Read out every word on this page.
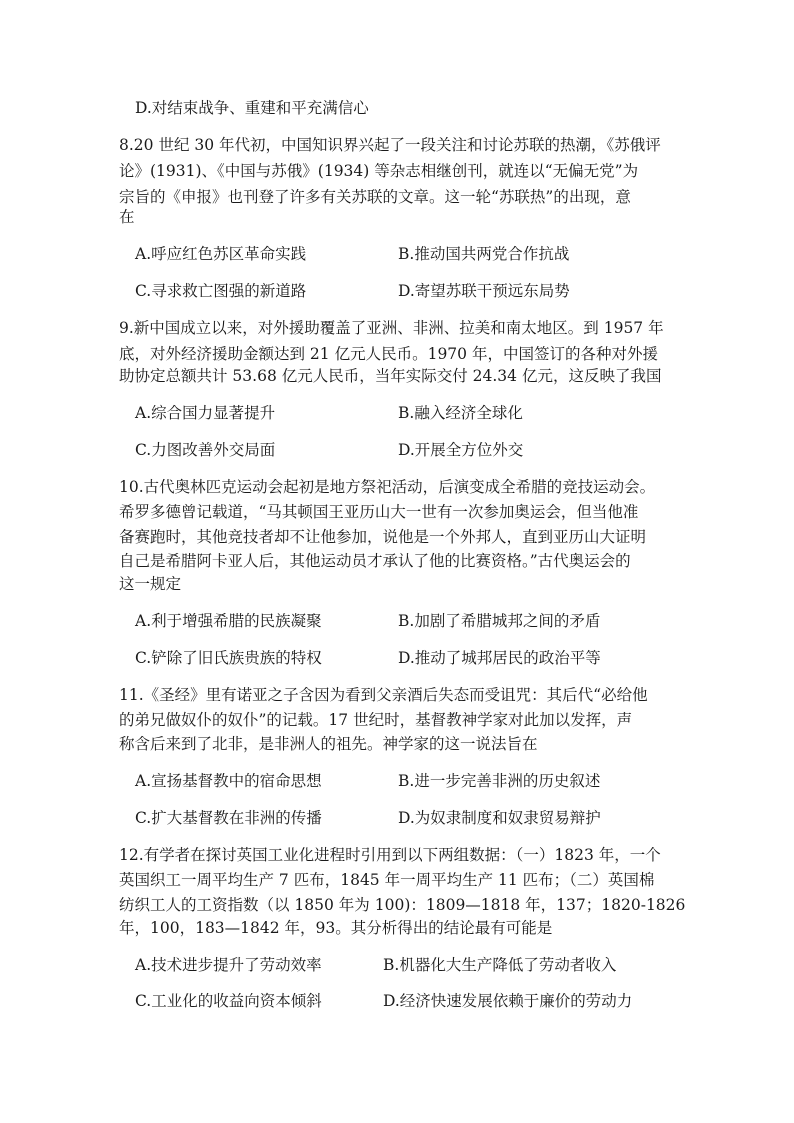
D.对结束战争、重建和平充满信心
8.20 世纪 30 年代初，中国知识界兴起了一段关注和讨论苏联的热潮，《苏俄评
论》(1931)、《中国与苏俄》(1934) 等杂志相继创刊，就连以“无偏无党”为
宗旨的《申报》也刊登了许多有关苏联的文章。这一轮“苏联热”的出现，意
在
A.呼应红色苏区革命实践	B.推动国共两党合作抗战
C.寻求救亡图强的新道路	D.寄望苏联干预远东局势
9.新中国成立以来，对外援助覆盖了亚洲、非洲、拉美和南太地区。到 1957 年
底，对外经济援助金额达到 21 亿元人民币。1970 年，中国签订的各种对外援
助协定总额共计 53.68 亿元人民币，当年实际交付 24.34 亿元，这反映了我国
A.综合国力显著提升	B.融入经济全球化
C.力图改善外交局面	D.开展全方位外交
10.古代奥林匹克运动会起初是地方祭祀活动，后演变成全希腊的竞技运动会。
希罗多德曾记载道，“马其顿国王亚历山大一世有一次参加奥运会，但当他准
备赛跑时，其他竞技者却不让他参加，说他是一个外邦人，直到亚历山大证明
自己是希腊阿卡亚人后，其他运动员才承认了他的比赛资格。”古代奥运会的
这一规定
A.利于增强希腊的民族凝聚	B.加剧了希腊城邦之间的矛盾
C.铲除了旧氏族贵族的特权	D.推动了城邦居民的政治平等
11.《圣经》里有诺亚之子含因为看到父亲酒后失态而受诅咒：其后代“必给他
的弟兄做奴仆的奴仆”的记载。17 世纪时，基督教神学家对此加以发挥，声
称含后来到了北非，是非洲人的祖先。神学家的这一说法旨在
A.宣扬基督教中的宿命思想	B.进一步完善非洲的历史叙述
C.扩大基督教在非洲的传播	D.为奴隶制度和奴隶贸易辩护
12.有学者在探讨英国工业化进程时引用到以下两组数据：（一）1823 年，一个
英国织工一周平均生产 7 匹布，1845 年一周平均生产 11 匹布；（二）英国棉
纺织工人的工资指数（以 1850 年为 100)：1809—1818 年，137；1820-1826
年，100，183—1842 年，93。其分析得出的结论最有可能是
A.技术进步提升了劳动效率	B.机器化大生产降低了劳动者收入
C.工业化的收益向资本倾斜	D.经济快速发展依赖于廉价的劳动力
